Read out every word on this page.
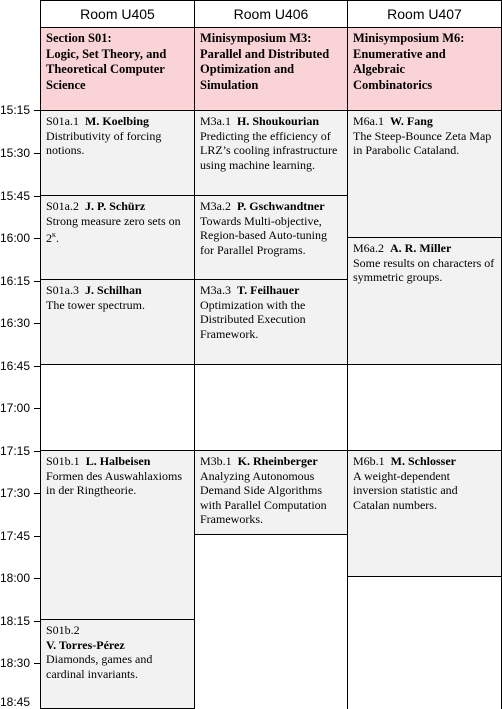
15:15
15:30
15:45
16:00
16:15
16:30
16:45
17:00
17:15
17:30
17:45
18:00
18:15
18:30
18:45
Room U405	Room U406	Room U407
Section S01:
Logic, Set Theory, and
Theoretical Computer
Science
Minisymposium M3:
Parallel and Distributed
Optimization and
Simulation
Minisymposium M6:
Enumerative and
Algebraic
Combinatorics
S01a.1 M. Koelbing
Distributivity of forcing notions.
S01a.2 J. P. Schürz
Strong measure zero sets on $2^\kappa$.
S01a.3 J. Schilhan
The tower spectrum.
S01b.1 L. Halbeisen
Formen des Auswahlaxioms in der Ringtheorie.
S01b.2
V. Torres-Pérez
Diamonds, games and cardinal invariants.
M3a.1 H. Shoukourian
Predicting the efficiency of LRZ’s cooling infrastructure using machine learning.
M3a.2 P. Gschwandtner
Towards Multi-objective, Region-based Auto-tuning for Parallel Programs.
M3a.3 T. Feilhauer
Optimization with the Distributed Execution Framework.
M3b.1 K. Rheinberger
Analyzing Autonomous Demand Side Algorithms with Parallel Computation Frameworks.
M6a.1 W. Fang
The Steep-Bounce Zeta Map in Parabolic Cataland.
M6a.2 A. R. Miller
Some results on characters of symmetric groups.
M6b.1 M. Schlosser
A weight-dependent inversion statistic and Catalan numbers.
